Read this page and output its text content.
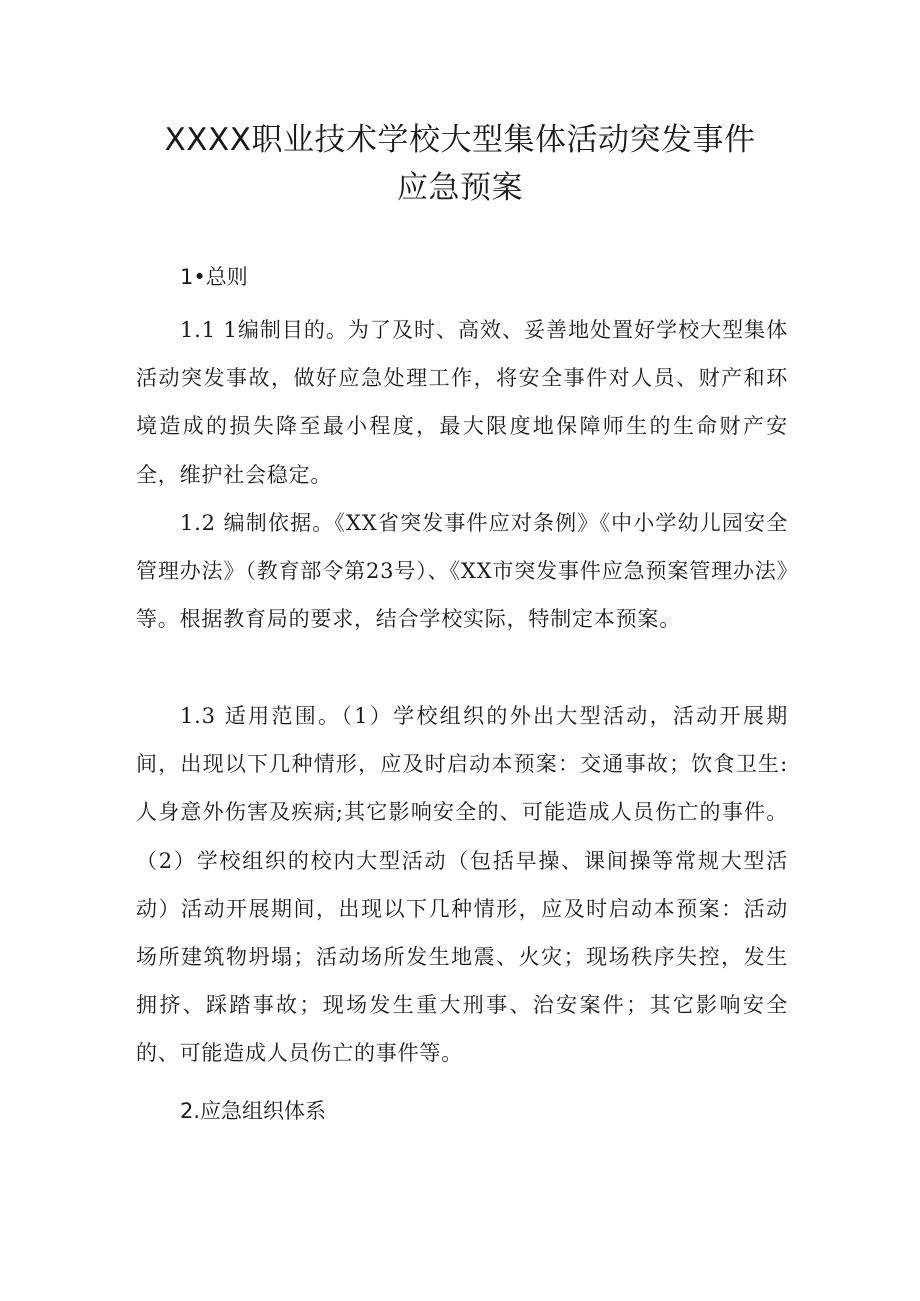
XXXX职业技术学校大型集体活动突发事件
应急预案
1•总则

1.1 1编制目的。为了及时、高效、妥善地处置好学校大型集体活动突发事故，做好应急处理工作，将安全事件对人员、财产和环境造成的损失降至最小程度，最大限度地保障师生的生命财产安全，维护社会稳定。

1.2 编制依据。《XX省突发事件应对条例》《中小学幼儿园安全管理办法》（教育部令第23号）、《XX市突发事件应急预案管理办法》等。根据教育局的要求，结合学校实际，特制定本预案。

1.3 适用范围。（1）学校组织的外出大型活动，活动开展期间，出现以下几种情形，应及时启动本预案：交通事故；饮食卫生:人身意外伤害及疾病;其它影响安全的、可能造成人员伤亡的事件。（2）学校组织的校内大型活动（包括早操、课间操等常规大型活动）活动开展期间，出现以下几种情形，应及时启动本预案：活动场所建筑物坍塌；活动场所发生地震、火灾；现场秩序失控，发生拥挤、踩踏事故；现场发生重大刑事、治安案件；其它影响安全的、可能造成人员伤亡的事件等。

2.应急组织体系
